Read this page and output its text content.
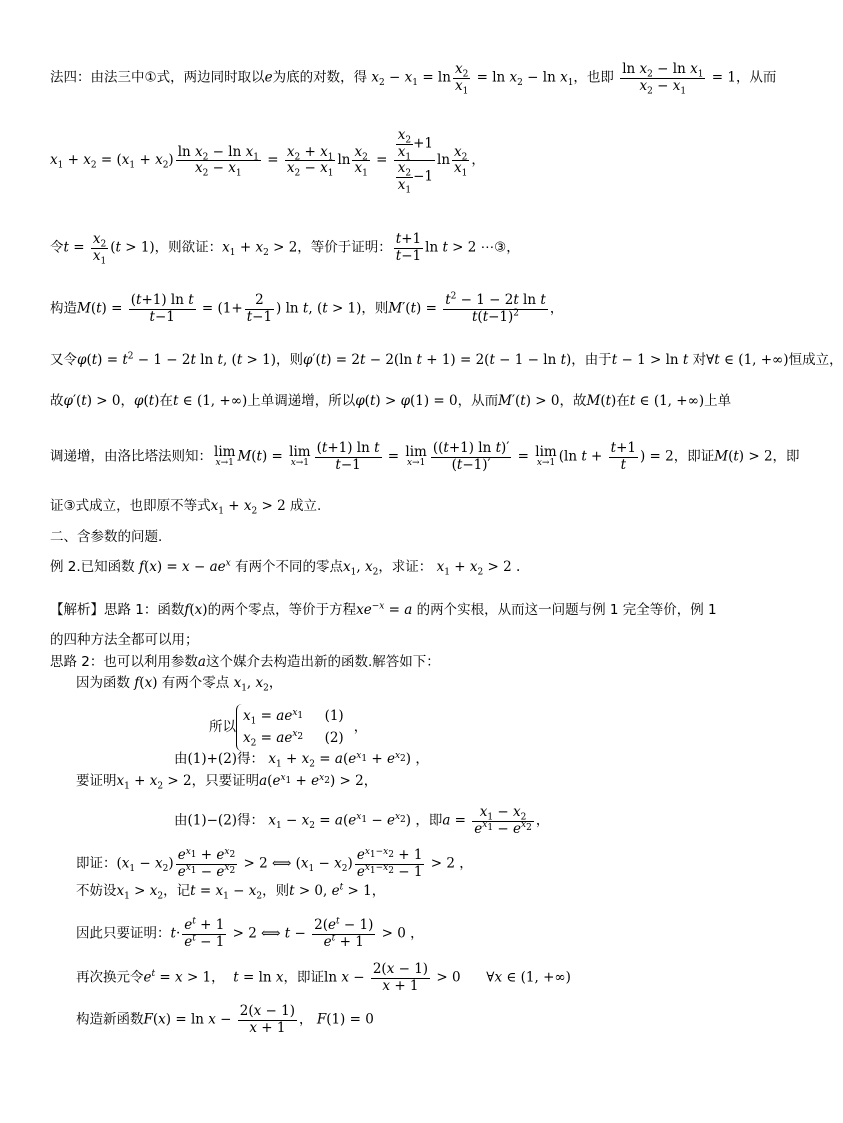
法四：由法三中①式，两边同时取以e为底的对数，得 $x_2 - x_1 = \ln \frac{x_2}{x_1} = \ln x_2 - \ln x_1$，也即 $\frac{\ln x_2 - \ln x_1}{x_2 - x_1} = 1$，从而
$x_1 + x_2 = (x_1 + x_2) \frac{\ln x_2 - \ln x_1}{x_2 - x_1} = \frac{x_2 + x_1}{x_2 - x_1}$ $\ln \frac{x_2}{x_1} = \frac{\frac{x_2}{x_1} +1}{\frac{x_2}{x_1} -1}$ $\ln \frac{x_2}{x_1}$ ，
令$t = \frac{x_2}{x_1} (t > 1)$，则欲证：$x_1 + x_2 > 2$，等价于证明： $\frac{t+1}{t-1}$ ln t > 2 ⋯③，
构造$M(t) = \frac{\text{(t+1) ln t}}{t-1} = (1+ \frac{2}{t-1}$ ) ln t, (t > 1)，则$M'(t) = \frac{t^2 - 1 - 2t \ln t}{t(t-1)^2}$ ，
又令$\varphi(t) = t^2 - 1 - 2t$ ln t, (t > 1)，则φ′(t) = 2t − 2(ln t + 1) = 2(t − 1 − ln t)，由于t − 1 > ln t 对∀t ∈ (1, +∞)恒成立，
故φ′(t) > 0，φ(t)在t ∈ (1, +∞)上单调递增，所以φ(t) > φ(1) = 0，从而M′(t) > 0，故M(t)在t ∈ (1, +∞)上单
调递增，由洛比塔法则知： lim
x→1 M(t) = lim
$x\to 1 \frac{\text{(t+1) ln t}}{t-1} = \lim$
$x\to 1 \frac{\text{((t+1) ln t)′}}{(t-1)'} = \lim$
x→1 (ln $t + \frac{t+1}{t}$ ) = 2，即证M(t) > 2，即
证③式成立，也即原不等式$x_1 + x_2 > 2$ 成立.
二、含参数的问题.
例 2.已知函数 $f(x) = x - ae^x$ 有两个不同的零点$x_1$, $x_2$，求证： $x_1 + x_2 > 2$ .
【解析】思路 1：函数f(x)的两个零点，等价于方程$xe^{-x} = a$ 的两个实根，从而这一问题与例 1 完全等价，例 1
的四种方法全都可以用；
思路 2：也可以利用参数a这个媒介去构造出新的函数.解答如下：
因为函数 f(x) 有两个零点 $x_1$, $x_2$，
所以
$x_1 = ae^{x_1}$     (1)
$x_2 = ae^{x_2}$     (2)
，
由(1)+(2)得： $x_1 + x_2 = a(e^{x_1} + e^{x_2})$ ，
要证明$x_1 + x_2 > 2$，只要证明$a(e^{x_1} + e^{x_2}) > 2$，
由(1)−(2)得： $x_1 - x_2 = a(e^{x_1} - e^{x_2})$ ，即$a = \frac{x_1 - x_2}{e^{x_1} - e^{x_2}}$ ，
即证：$(x_1 - x_2) \frac{e^{x_1} + e^{x_2}}{e^{x_1} - e^{x_2}} > 2$ ⟺ $(x_1 - x_2) \frac{e^{x_1-x_2} + 1}{e^{x_1-x_2} - 1} > 2$ ，
不妨设$x_1 > x_2$，记$t = x_1 - x_2$，则t > 0, $e^t > 1$，
因此只要证明：$t\cdot \frac{e^t + 1}{e^t - 1} > 2$ ⟺ $t - \frac{2(e^t - 1)}{e^t + 1} > 0$ ，
再次换元令$e^t = x > 1$，  t = ln x，即证$\ln x - \frac{2(x - 1)}{x + 1} > 0$      ∀x ∈ (1, +∞)
构造新函数$F(x) = \ln x - \frac{2(x - 1)}{x + 1}$ ， F(1) = 0
